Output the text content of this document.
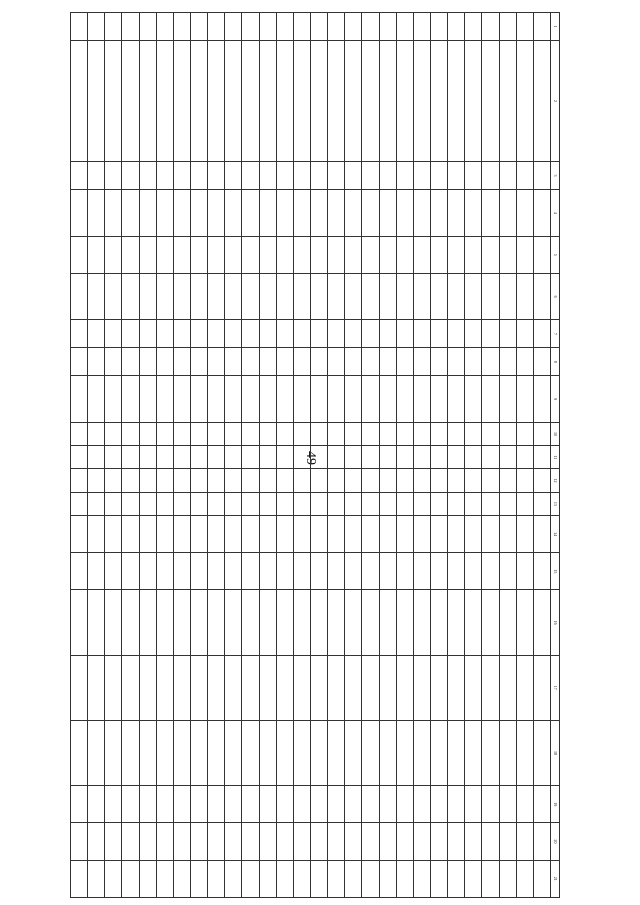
49
1	2	3	4	5	6	7	8	9	10	11	12	13	14	15	16	17	18	19	20	21
